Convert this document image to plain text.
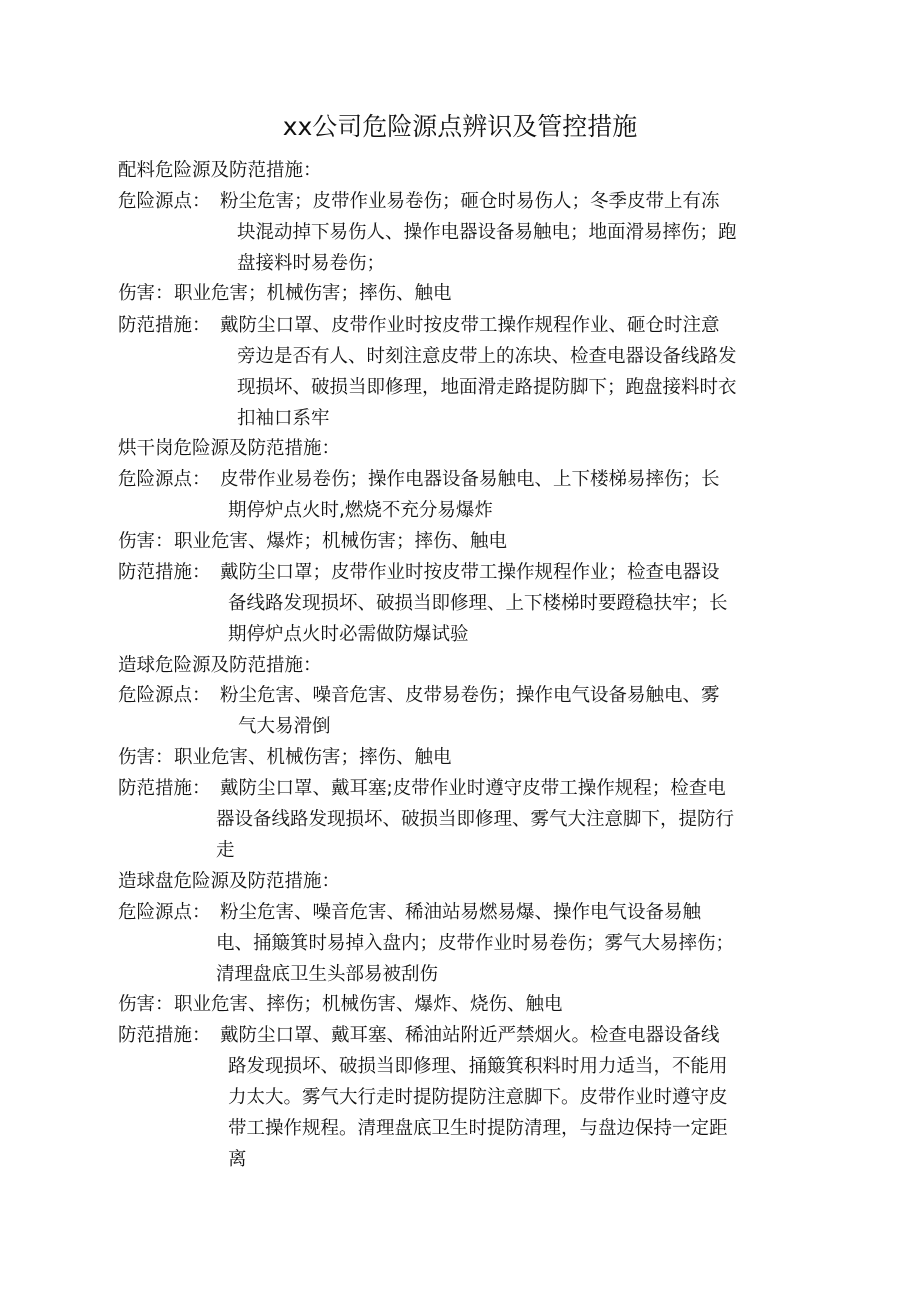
xx公司危险源点辨识及管控措施
配料危险源及防范措施：
危险源点： 粉尘危害；皮带作业易卷伤；砸仓时易伤人；冬季皮带上有冻
块混动掉下易伤人、操作电器设备易触电；地面滑易摔伤；跑
盘接料时易卷伤；
伤害： 职业危害；机械伤害；摔伤、触电
防范措施： 戴防尘口罩、皮带作业时按皮带工操作规程作业、砸仓时注意
旁边是否有人、时刻注意皮带上的冻块、检查电器设备线路发
现损坏、破损当即修理，地面滑走路提防脚下；跑盘接料时衣
扣袖口系牢
烘干岗危险源及防范措施：
危险源点： 皮带作业易卷伤；操作电器设备易触电、上下楼梯易摔伤；长
期停炉点火时,燃烧不充分易爆炸
伤害： 职业危害、爆炸；机械伤害；摔伤、触电
防范措施： 戴防尘口罩；皮带作业时按皮带工操作规程作业；检查电器设
备线路发现损坏、破损当即修理、上下楼梯时要蹬稳扶牢；长
期停炉点火时必需做防爆试验
造球危险源及防范措施：
危险源点： 粉尘危害、噪音危害、皮带易卷伤；操作电气设备易触电、雾
气大易滑倒
伤害： 职业危害、机械伤害；摔伤、触电
防范措施： 戴防尘口罩、戴耳塞;皮带作业时遵守皮带工操作规程；检查电
器设备线路发现损坏、破损当即修理、雾气大注意脚下，提防行
走
造球盘危险源及防范措施：
危险源点： 粉尘危害、噪音危害、稀油站易燃易爆、操作电气设备易触
电、捅簸箕时易掉入盘内；皮带作业时易卷伤；雾气大易摔伤；
清理盘底卫生头部易被刮伤
伤害： 职业危害、摔伤；机械伤害、爆炸、烧伤、触电
防范措施： 戴防尘口罩、戴耳塞、稀油站附近严禁烟火。检查电器设备线
路发现损坏、破损当即修理、捅簸箕积料时用力适当，不能用
力太大。雾气大行走时提防提防注意脚下。皮带作业时遵守皮
带工操作规程。清理盘底卫生时提防清理，与盘边保持一定距
离
